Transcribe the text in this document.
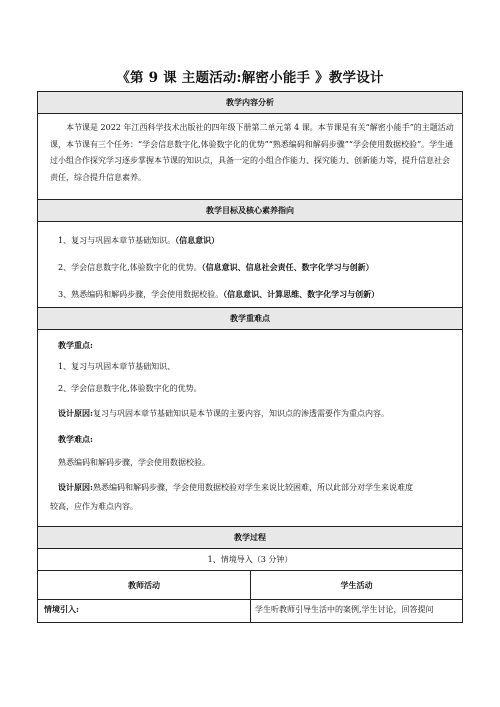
《第 9 课 主题活动:解密小能手 》教学设计
教学内容分析

本节课是 2022 年江西科学技术出版社的四年级下册第二单元第 4 课。本节课是有关“解密小能手”的主题活动课，本节课有三个任务：“学会信息数字化,体验数字化的优势”“熟悉编码和解码步骤”“学会使用数据校验”。学生通过小组合作探究学习逐步掌握本节课的知识点，具备一定的小组合作能力、探究能力、创新能力等，提升信息社会责任，综合提升信息素养。

教学目标及核心素养指向

1、复习与巩固本章节基础知识。（信息意识）

2、学会信息数字化,体验数字化的优势。（信息意识、信息社会责任、数字化学习与创新）

3、熟悉编码和解码步骤，学会使用数据校验。（信息意识、计算思维、数字化学习与创新）

教学重难点

教学重点:

1、复习与巩固本章节基础知识、

2、学会信息数字化,体验数字化的优势。

设计原因:复习与巩固本章节基础知识是本节课的主要内容，知识点的渗透需要作为重点内容。

教学难点:

熟悉编码和解码步骤，学会使用数据校验。

设计原因:熟悉编码和解码步骤，学会使用数据校验对学生来说比较困难，所以此部分对学生来说难度

较高，应作为难点内容。

教学过程
1、情境导入（3 分钟）
教师活动	学生活动
情境引入:	学生听教师引导生活中的案例,学生讨论，回答提问
